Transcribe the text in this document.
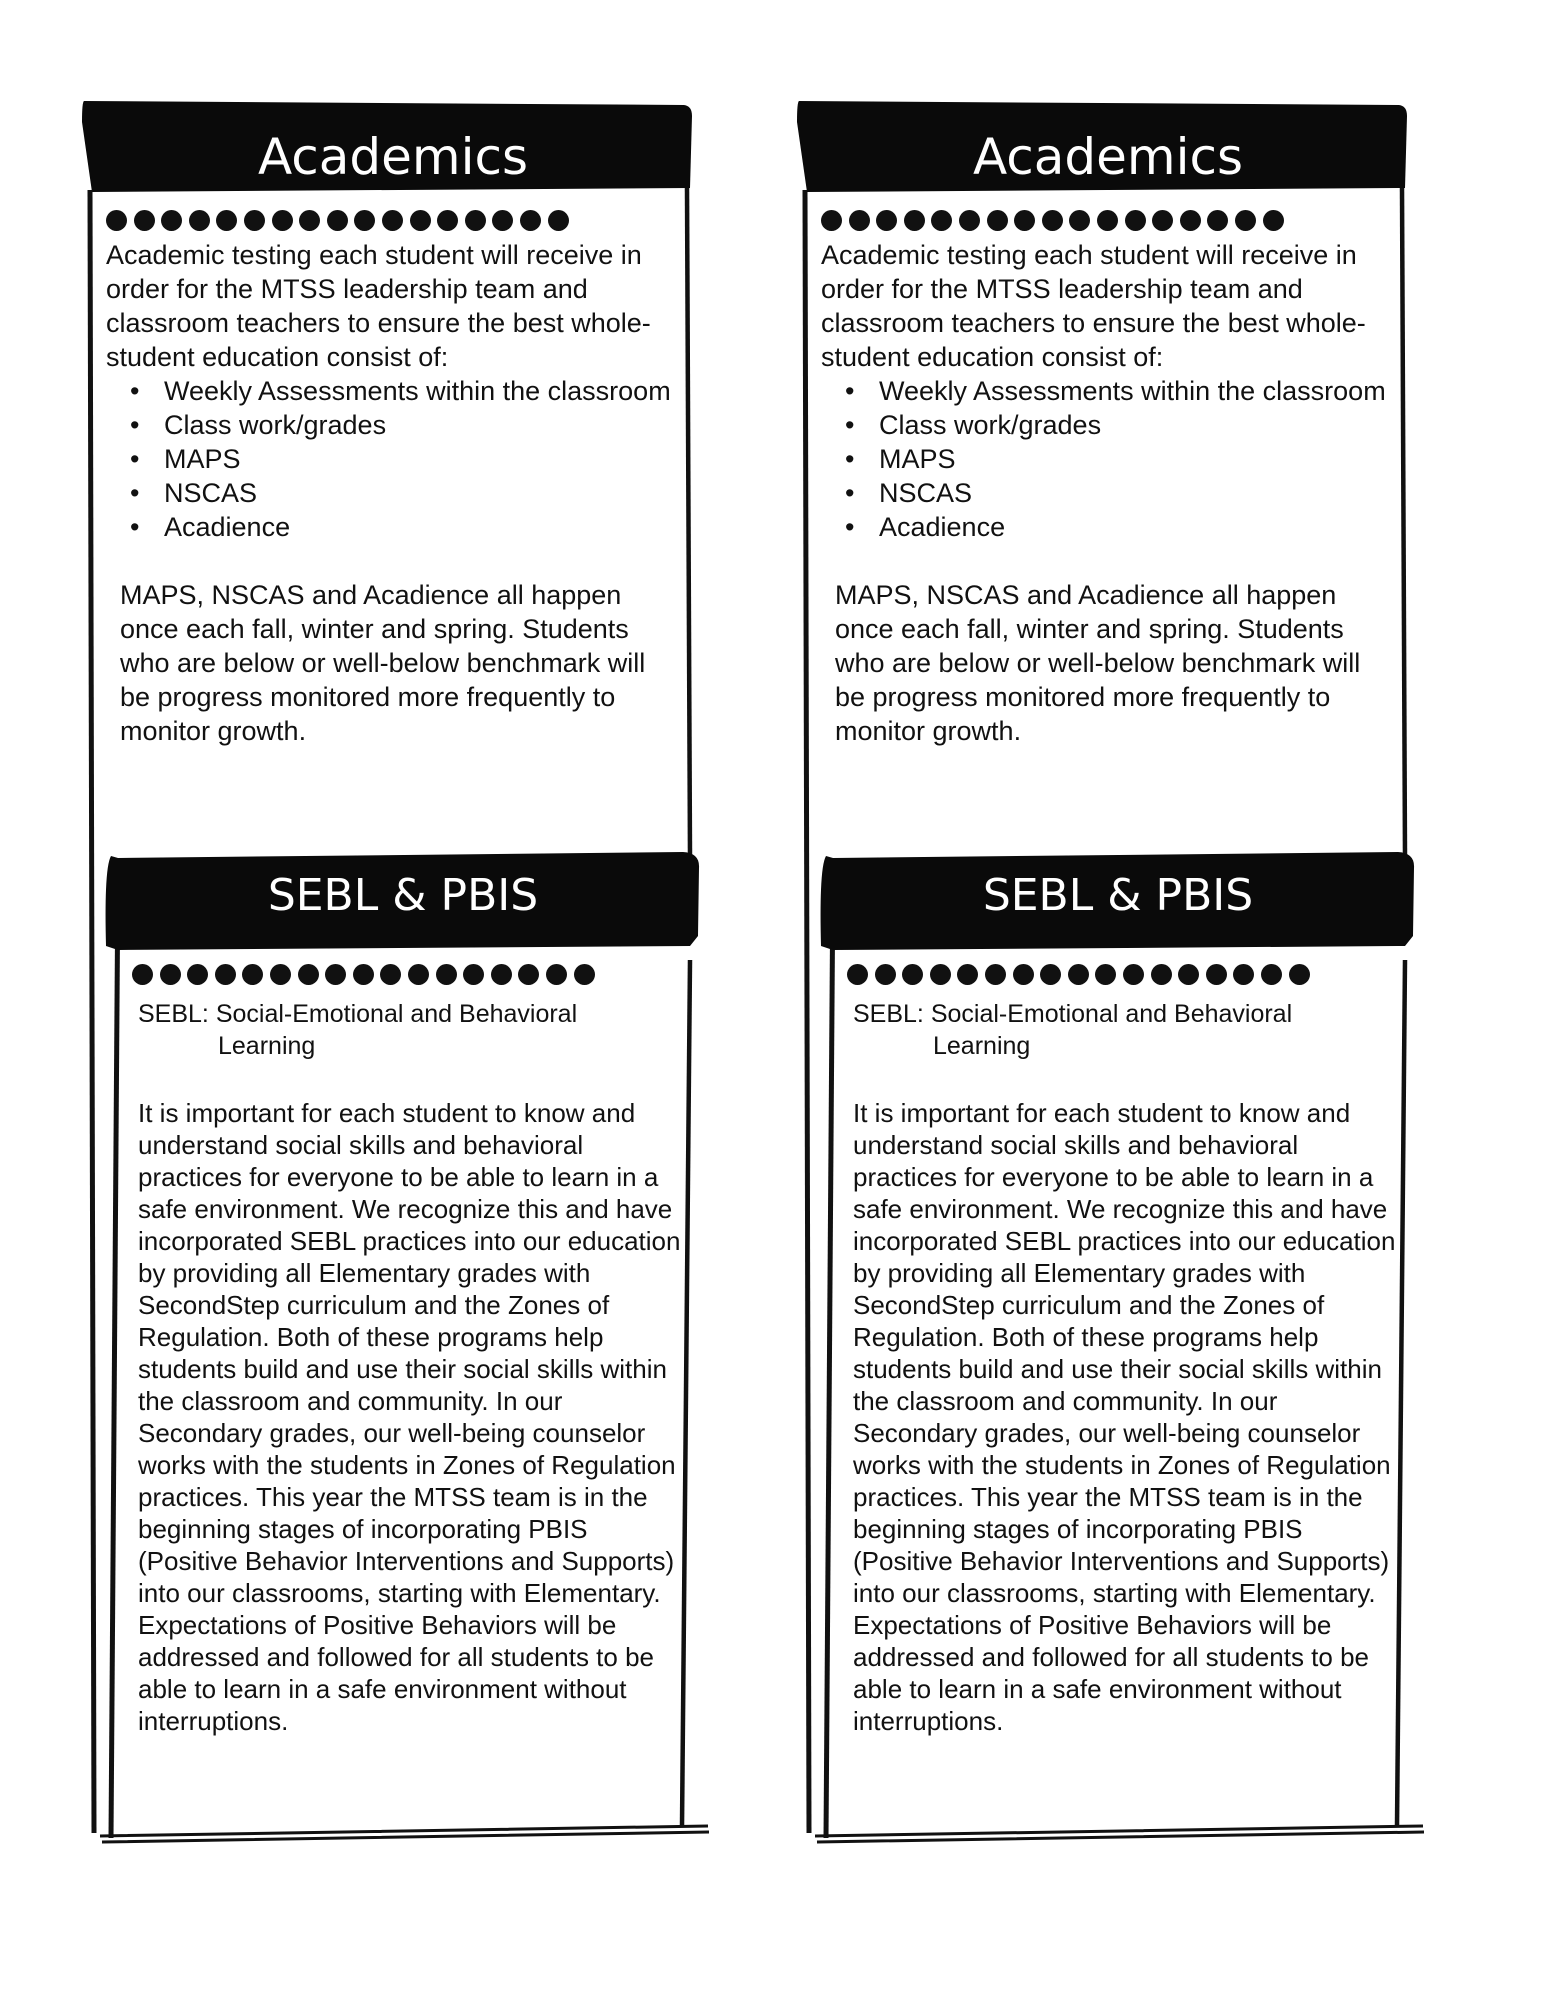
Academics

Academic testing each student will receive in order for the MTSS leadership team and classroom teachers to ensure the best whole-student education consist of:

• Weekly Assessments within the classroom
• Class work/grades
• MAPS
• NSCAS
• Acadience

MAPS, NSCAS and Acadience all happen once each fall, winter and spring. Students who are below or well-below benchmark will be progress monitored more frequently to monitor growth.

SEBL & PBIS
SEBL: Social-Emotional and Behavioral
Learning
It is important for each student to know and understand social skills and behavioral practices for everyone to be able to learn in a safe environment. We recognize this and have incorporated SEBL practices into our education by providing all Elementary grades with SecondStep curriculum and the Zones of Regulation. Both of these programs help students build and use their social skills within the classroom and community. In our Secondary grades, our well-being counselor works with the students in Zones of Regulation practices. This year the MTSS team is in the beginning stages of incorporating PBIS (Positive Behavior Interventions and Supports) into our classrooms, starting with Elementary. Expectations of Positive Behaviors will be addressed and followed for all students to be able to learn in a safe environment without interruptions.
Academics

Academic testing each student will receive in order for the MTSS leadership team and classroom teachers to ensure the best whole-student education consist of:

• Weekly Assessments within the classroom
• Class work/grades
• MAPS
• NSCAS
• Acadience

MAPS, NSCAS and Acadience all happen once each fall, winter and spring. Students who are below or well-below benchmark will be progress monitored more frequently to monitor growth.

SEBL & PBIS
SEBL: Social-Emotional and Behavioral
Learning
It is important for each student to know and understand social skills and behavioral practices for everyone to be able to learn in a safe environment. We recognize this and have incorporated SEBL practices into our education by providing all Elementary grades with SecondStep curriculum and the Zones of Regulation. Both of these programs help students build and use their social skills within the classroom and community. In our Secondary grades, our well-being counselor works with the students in Zones of Regulation practices. This year the MTSS team is in the beginning stages of incorporating PBIS (Positive Behavior Interventions and Supports) into our classrooms, starting with Elementary. Expectations of Positive Behaviors will be addressed and followed for all students to be able to learn in a safe environment without interruptions.
